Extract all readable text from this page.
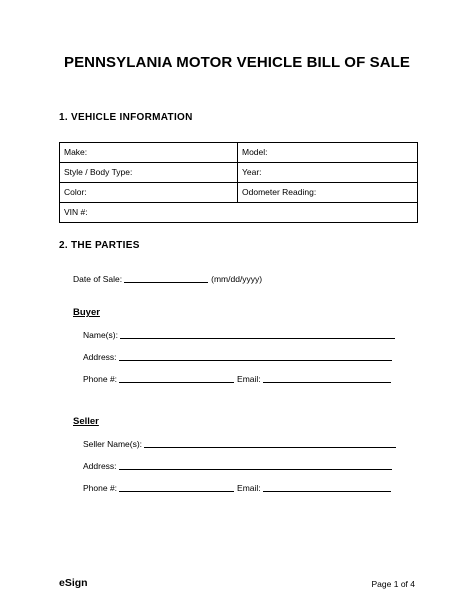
PENNSYLANIA MOTOR VEHICLE BILL OF SALE
1. VEHICLE INFORMATION
Make:	Model:
Style / Body Type:	Year:
Color:	Odometer Reading:
VIN #:	
2. THE PARTIES
Date of Sale:	(mm/dd/yyyy)
Buyer
Name(s):
Address:
Phone #:	Email:
Seller
Seller Name(s):
Address:
Phone #:	Email:
eSign	Page 1 of 4
